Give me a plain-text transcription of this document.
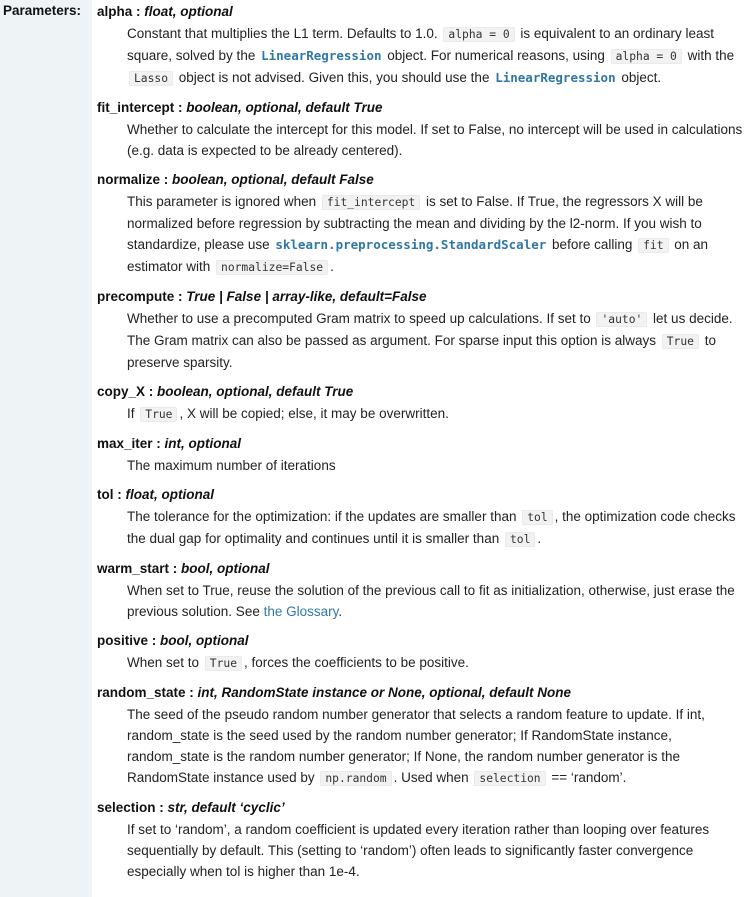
Parameters:	alpha : float, optional
Constant that multiplies the L1 term. Defaults to 1.0. alpha = 0 is equivalent to an ordinary least square, solved by the LinearRegression object. For numerical reasons, using alpha = 0 with the Lasso object is not advised. Given this, you should use the LinearRegression object.
fit_intercept : boolean, optional, default True
Whether to calculate the intercept for this model. If set to False, no intercept will be used in calculations (e.g. data is expected to be already centered).
normalize : boolean, optional, default False
This parameter is ignored when fit_intercept is set to False. If True, the regressors X will be normalized before regression by subtracting the mean and dividing by the l2-norm. If you wish to standardize, please use sklearn.preprocessing.StandardScaler before calling fit on an estimator with normalize=False .
precompute : True | False | array-like, default=False
Whether to use a precomputed Gram matrix to speed up calculations. If set to 'auto' let us decide. The Gram matrix can also be passed as argument. For sparse input this option is always True to preserve sparsity.
copy_X : boolean, optional, default True
If True , X will be copied; else, it may be overwritten.
max_iter : int, optional
The maximum number of iterations
tol : float, optional
The tolerance for the optimization: if the updates are smaller than tol , the optimization code checks the dual gap for optimality and continues until it is smaller than tol .
warm_start : bool, optional
When set to True, reuse the solution of the previous call to fit as initialization, otherwise, just erase the previous solution. See the Glossary.
positive : bool, optional
When set to True , forces the coefficients to be positive.
random_state : int, RandomState instance or None, optional, default None
The seed of the pseudo random number generator that selects a random feature to update. If int, random_state is the seed used by the random number generator; If RandomState instance, random_state is the random number generator; If None, the random number generator is the RandomState instance used by np.random . Used when selection == ‘random’.
selection : str, default ‘cyclic’
If set to ‘random’, a random coefficient is updated every iteration rather than looping over features sequentially by default. This (setting to ‘random’) often leads to significantly faster convergence especially when tol is higher than 1e-4.
